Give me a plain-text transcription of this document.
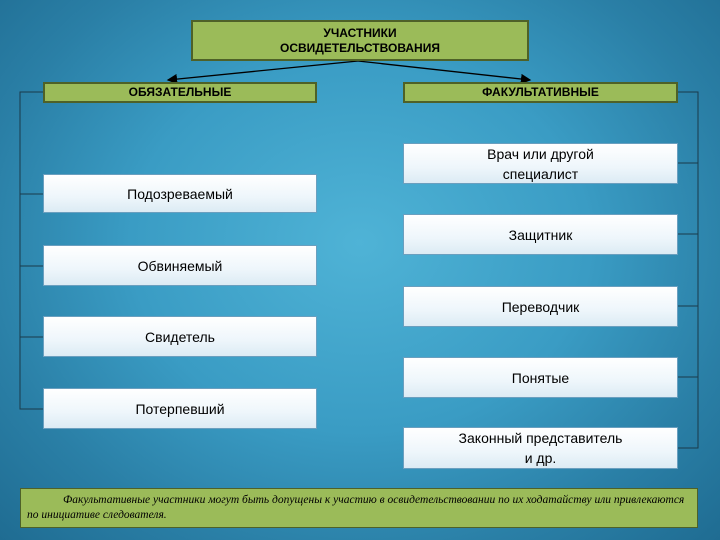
УЧАСТНИКИ ОСВИДЕТЕЛЬСТВОВАНИЯ
ОБЯЗАТЕЛЬНЫЕ	ФАКУЛЬТАТИВНЫЕ
Подозреваемый
Обвиняемый
Свидетель
Потерпевший
Врач или другой специалист
Защитник
Переводчик
Понятые
Законный представитель и др.
Факультативные участники могут быть допущены к участию в освидетельствовании по их ходатайству или привлекаются по инициативе следователя.
